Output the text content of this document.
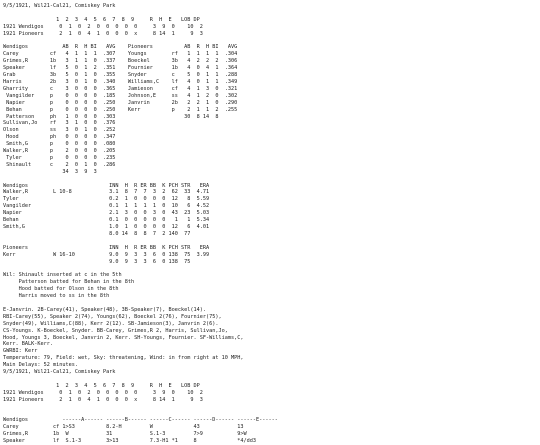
9/5/1921, Wil21-Cal21, Comiskey Park

1  2  3  4  5  6  7  8  9     R  H  E   LOB DP
1921 Wendigos     0  1  0  2  0  0  0  0  0     3  9  0    10  2
1921 Pioneers     2  1  0  4  1  0  0  0  x     8 14  1     9  3

Wendigos           AB  R  H BI   AVG    Pioneers          AB  R  H BI   AVG
Carey          cf   4  1  1  1  .307    Youngs        rf   1  1  1  1  .304
Grimes,R       1b   3  1  1  0  .337    Boeckel       3b   4  2  2  2  .306
Speaker        lf   5  0  1  2  .351    Fournier      1b   4  0  4  1  .364
Grab           3b   5  0  1  0  .355    Snyder        c    5  0  1  1  .288
Harris         2b   3  0  1  0  .340    Williams,C    lf   4  0  1  1  .349
Gharrity       c    3  0  0  0  .365    Jamieson      cf   4  1  3  0  .321
Vangilder     p    0  0  0  0  .185    Johnson,E     ss   4  1  2  0  .302
Napier        p    0  0  0  0  .250    Janvrin       2b   2  2  1  0  .290
Behan         p    0  0  0  0  .250    Kerr          p    2  1  1  2  .255
Patterson     ph   1  0  0  0  .303                      30  8 14  8
Sullivan,Jo    rf   3  1  0  0  .376
Olson          ss   3  0  1  0  .252
Hood          ph   0  0  0  0  .347
Smith,G       p    0  0  0  0  .080
Walker,R       p    2  0  0  0  .205
Tyler         p    0  0  0  0  .235
Shinault      c    2  0  1  0  .286
34  3  9  3

Wendigos                          INN  H  R ER BB  K PCH STR   ERA
Walker,R        L 10-8            3.1  8  7  7  3  2  62  33  4.71
Tyler                             0.2  1  0  0  0  0  12   8  5.59
Vangilder                         0.1  1  1  1  1  0  10   6  4.52
Napier                            2.1  3  0  0  3  0  43  23  5.03
Behan                             0.1  0  0  0  0  0   1   1  5.34
Smith,G                           1.0  1  0  0  0  0  12   6  4.01
8.0 14  8  8  7  2 140  77

Pioneers                          INN  H  R ER BB  K PCH STR   ERA
Kerr            W 16-10           9.0  9  3  3  6  0 138  75  3.99
9.0  9  3  3  6  0 138  75

Wil: Shinault inserted at c in the 5th
Patterson batted for Behan in the 8th
Hood batted for Olson in the 8th
Harris moved to ss in the 8th

E-Janvrin. 2B-Carey(41), Speaker(48), 3B-Speaker(7), Boeckel(14).
RBI-Carey(55), Speaker 2(74), Youngs(62), Boeckel 2(76), Fournier(75),
Snyder(49), Williams,C(88), Kerr 2(12). SB-Jamieson(3), Janvrin 2(6).
CS-Youngs. K-Boeckel, Snyder. BB-Carey, Grimes,R 2, Harris, Sullivan,Jo,
Hood, Youngs 3, Boeckel, Janvrin 2, Kerr. SH-Youngs, Fournier. SF-Williams,C,
Kerr. BALK-Kerr.
GWRBI: Kerr
Temperature: 79, Field: wet, Sky: threatening, Wind: in from right at 10 MPH,
Main Delays: 52 minutes.
9/5/1921, Wil21-Cal21, Comiskey Park

1  2  3  4  5  6  7  8  9     R  H  E   LOB DP
1921 Wendigos     0  1  0  2  0  0  0  0  0     3  9  0    10  2
1921 Pioneers     2  1  0  4  1  0  0  0  x     8 14  1     9  3

Wendigos           ------A------ ------B------ ------C------ ------D------ ------E------
Carey           cf 1>S3          8.2-H         W             43            13
Grimes,R        1b  W            31            S.1-3         7>9           9>W
Speaker         lf  S.1-3        3>13          7.3-H1 *1     8             *4/dd3
